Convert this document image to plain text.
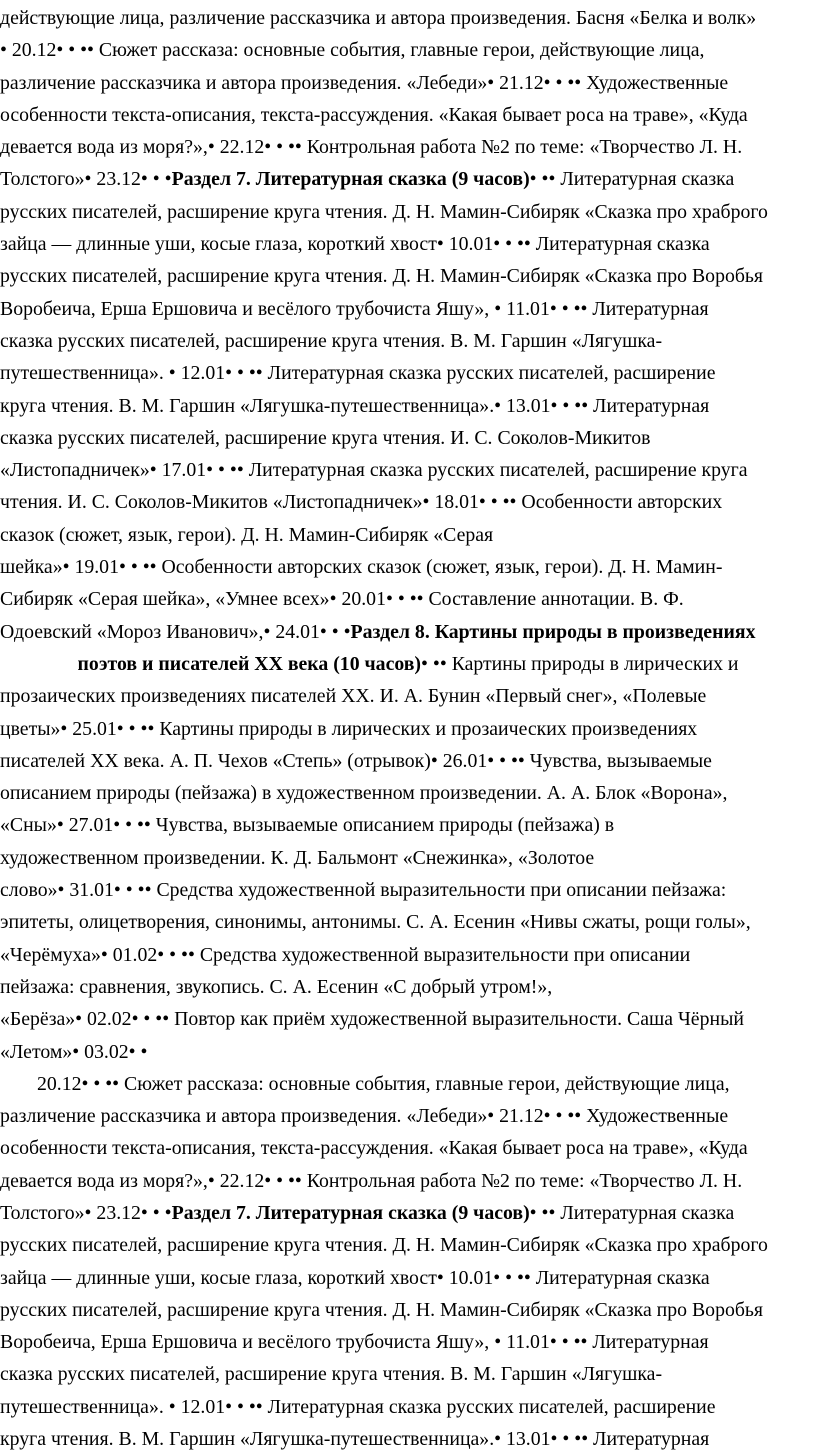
действующие лица, различение рассказчика и автора произведения. Басня «Белка и волк»
• 20.12• • •• Сюжет рассказа: основные события, главные герои, действующие лица,
различение рассказчика и автора произведения. «Лебеди»• 21.12• • •• Художественные
особенности текста-описания, текста-рассуждения. «Какая бывает роса на траве», «Куда
девается вода из моря?»,• 22.12• • •• Контрольная работа №2 по теме: «Творчество Л. Н.
Толстого»• 23.12• • •Раздел 7. Литературная сказка (9 часов)• •• Литературная сказка
русских писателей, расширение круга чтения. Д. Н. Мамин-Сибиряк «Сказка про храброго
зайца — длинные уши, косые глаза, короткий хвост• 10.01• • •• Литературная сказка
русских писателей, расширение круга чтения. Д. Н. Мамин-Сибиряк «Сказка про Воробья
Воробеича, Ерша Ершовича и весёлого трубочиста Яшу», • 11.01• • •• Литературная
сказка русских писателей, расширение круга чтения. В. М. Гаршин «Лягушка-
путешественница». • 12.01• • •• Литературная сказка русских писателей, расширение
круга чтения. В. М. Гаршин «Лягушка-путешественница».• 13.01• • •• Литературная
сказка русских писателей, расширение круга чтения. И. С. Соколов-Микитов
«Листопадничек»• 17.01• • •• Литературная сказка русских писателей, расширение круга
чтения. И. С. Соколов-Микитов «Листопадничек»• 18.01• • •• Особенности авторских
сказок (сюжет, язык, герои). Д. Н. Мамин-Сибиряк «Серая
шейка»• 19.01• • •• Особенности авторских сказок (сюжет, язык, герои). Д. Н. Мамин-
Сибиряк «Серая шейка», «Умнее всех»• 20.01• • •• Составление аннотации. В. Ф.
Одоевский «Мороз Иванович»,• 24.01• • •Раздел 8. Картины природы в произведениях
поэтов и писателей ХХ века (10 часов)• •• Картины природы в лирических и
прозаических произведениях писателей ХХ. И. А. Бунин «Первый снег», «Полевые
цветы»• 25.01• • •• Картины природы в лирических и прозаических произведениях
писателей ХХ века. А. П. Чехов «Степь» (отрывок)• 26.01• • •• Чувства, вызываемые
описанием природы (пейзажа) в художественном произведении. А. А. Блок «Ворона»,
«Сны»• 27.01• • •• Чувства, вызываемые описанием природы (пейзажа) в
художественном произведении. К. Д. Бальмонт «Снежинка», «Золотое
слово»• 31.01• • •• Средства художественной выразительности при описании пейзажа:
эпитеты, олицетворения, синонимы, антонимы. С. А. Есенин «Нивы сжаты, рощи голы»,
«Черёмуха»• 01.02• • •• Средства художественной выразительности при описании
пейзажа: сравнения, звукопись. С. А. Есенин «С добрый утром!»,
«Берёза»• 02.02• • •• Повтор как приём художественной выразительности. Саша Чёрный
«Летом»• 03.02• •
20.12• • •• Сюжет рассказа: основные события, главные герои, действующие лица,
различение рассказчика и автора произведения. «Лебеди»• 21.12• • •• Художественные
особенности текста-описания, текста-рассуждения. «Какая бывает роса на траве», «Куда
девается вода из моря?»,• 22.12• • •• Контрольная работа №2 по теме: «Творчество Л. Н.
Толстого»• 23.12• • •Раздел 7. Литературная сказка (9 часов)• •• Литературная сказка
русских писателей, расширение круга чтения. Д. Н. Мамин-Сибиряк «Сказка про храброго
зайца — длинные уши, косые глаза, короткий хвост• 10.01• • •• Литературная сказка
русских писателей, расширение круга чтения. Д. Н. Мамин-Сибиряк «Сказка про Воробья
Воробеича, Ерша Ершовича и весёлого трубочиста Яшу», • 11.01• • •• Литературная
сказка русских писателей, расширение круга чтения. В. М. Гаршин «Лягушка-
путешественница». • 12.01• • •• Литературная сказка русских писателей, расширение
круга чтения. В. М. Гаршин «Лягушка-путешественница».• 13.01• • •• Литературная
